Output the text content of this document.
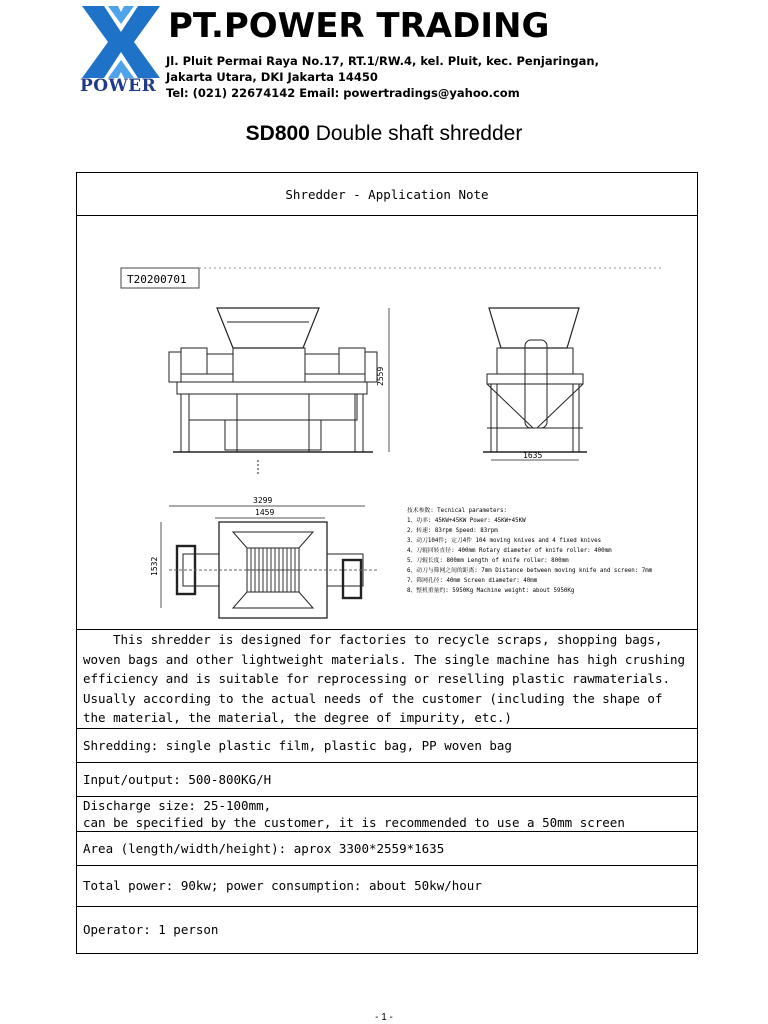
POWER
PT.POWER TRADING
Jl. Pluit Permai Raya No.17, RT.1/RW.4, kel. Pluit, kec. Penjaringan,
Jakarta Utara, DKI Jakarta 14450
Tel: (021) 22674142 Email: powertradings@yahoo.com
SD800 Double shaft shredder
Shredder - Application Note

T20200701
2559
1635
3299
1459
1532
技术参数: Tecnical parameters:
1、功率: 45KW+45KW Power: 45KW+45KW
2、转速: 83rpm Speed: 83rpm
3、动刀104件; 定刀4件 104 moving knives and 4 fixed knives
4、刀辊回转直径: 400mm Rotary diameter of knife roller: 400mm
5、刀辊长度: 800mm Length of knife roller: 800mm
6、动刀与筛网之间的距离: 7mm Distance between moving knife and screen: 7mm
7、筛网孔径: 40mm Screen diameter: 40mm
8、整机重量约: 5950Kg Machine weight: about 5950Kg

This shredder is designed for factories to recycle scraps, shopping bags, woven bags and other lightweight materials. The single machine has high crushing efficiency and is suitable for reprocessing or reselling plastic rawmaterials. Usually according to the actual needs of the customer (including the shape of the material, the material, the degree of impurity, etc.)
Shredding: single plastic film, plastic bag, PP woven bag
Input/output: 500-800KG/H

Discharge size: 25-100mm,
can be specified by the customer, it is recommended to use a 50mm screen

Area (length/width/height): aprox 3300*2559*1635
Total power: 90kw; power consumption: about 50kw/hour
Operator: 1 person
- 1 -
